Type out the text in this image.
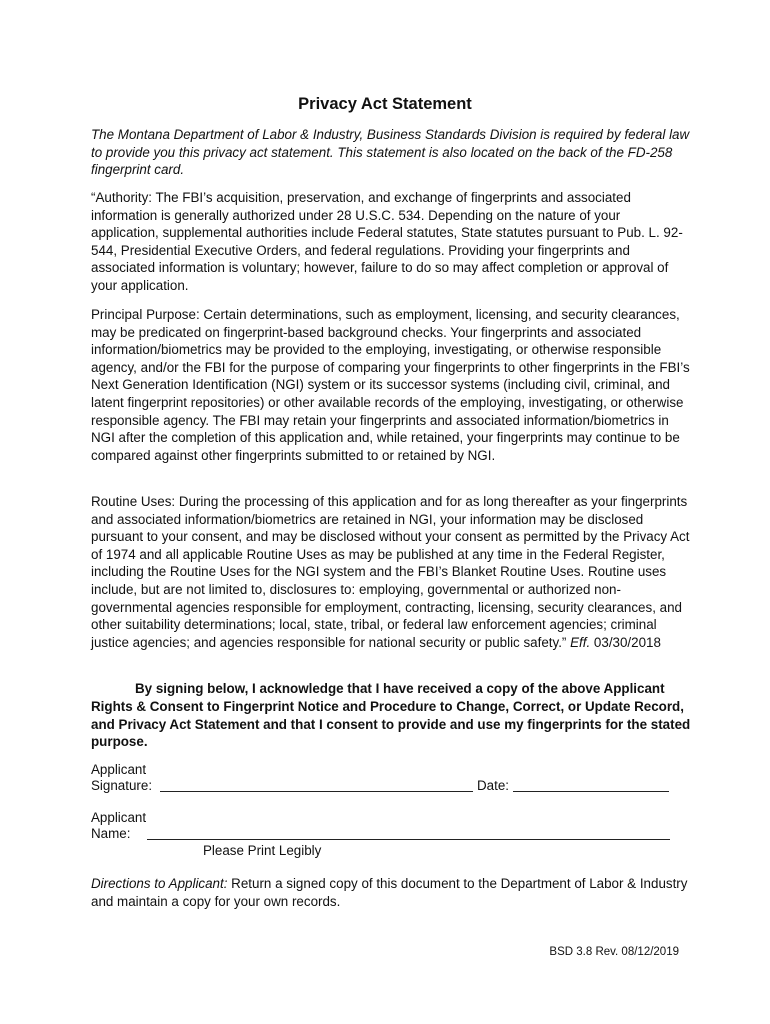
Privacy Act Statement

The Montana Department of Labor & Industry, Business Standards Division is required by federal law to provide you this privacy act statement. This statement is also located on the back of the FD-258 fingerprint card.

“Authority: The FBI’s acquisition, preservation, and exchange of fingerprints and associated information is generally authorized under 28 U.S.C. 534. Depending on the nature of your application, supplemental authorities include Federal statutes, State statutes pursuant to Pub. L. 92-544, Presidential Executive Orders, and federal regulations. Providing your fingerprints and associated information is voluntary; however, failure to do so may affect completion or approval of your application.

Principal Purpose: Certain determinations, such as employment, licensing, and security clearances, may be predicated on fingerprint-based background checks. Your fingerprints and associated information/biometrics may be provided to the employing, investigating, or otherwise responsible agency, and/or the FBI for the purpose of comparing your fingerprints to other fingerprints in the FBI’s Next Generation Identification (NGI) system or its successor systems (including civil, criminal, and latent fingerprint repositories) or other available records of the employing, investigating, or otherwise responsible agency. The FBI may retain your fingerprints and associated information/biometrics in NGI after the completion of this application and, while retained, your fingerprints may continue to be compared against other fingerprints submitted to or retained by NGI.

Routine Uses: During the processing of this application and for as long thereafter as your fingerprints and associated information/biometrics are retained in NGI, your information may be disclosed pursuant to your consent, and may be disclosed without your consent as permitted by the Privacy Act of 1974 and all applicable Routine Uses as may be published at any time in the Federal Register, including the Routine Uses for the NGI system and the FBI’s Blanket Routine Uses. Routine uses include, but are not limited to, disclosures to: employing, governmental or authorized non-governmental agencies responsible for employment, contracting, licensing, security clearances, and other suitability determinations; local, state, tribal, or federal law enforcement agencies; criminal justice agencies; and agencies responsible for national security or public safety.” Eff. 03/30/2018

By signing below, I acknowledge that I have received a copy of the above Applicant Rights & Consent to Fingerprint Notice and Procedure to Change, Correct, or Update Record, and Privacy Act Statement and that I consent to provide and use my fingerprints for the stated purpose.
Applicant
Signature:	Date:
Applicant
Name:
Please Print Legibly
Directions to Applicant: Return a signed copy of this document to the Department of Labor & Industry and maintain a copy for your own records.
BSD 3.8 Rev. 08/12/2019
